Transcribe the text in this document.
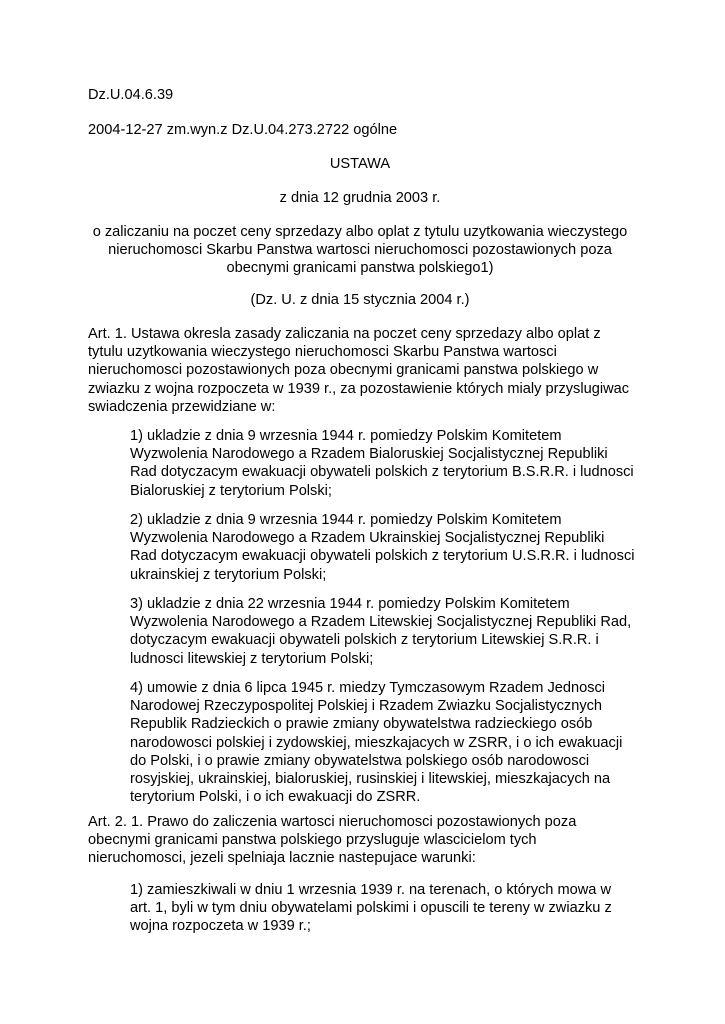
Dz.U.04.6.39
2004-12-27 zm.wyn.z Dz.U.04.273.2722 ogólne
USTAWA
z dnia 12 grudnia 2003 r.
o zaliczaniu na poczet ceny sprzedazy albo oplat z tytulu uzytkowania wieczystego nieruchomosci Skarbu Panstwa wartosci nieruchomosci pozostawionych poza obecnymi granicami panstwa polskiego1)
(Dz. U. z dnia 15 stycznia 2004 r.)
Art. 1. Ustawa okresla zasady zaliczania na poczet ceny sprzedazy albo oplat z tytulu uzytkowania wieczystego nieruchomosci Skarbu Panstwa wartosci nieruchomosci pozostawionych poza obecnymi granicami panstwa polskiego w zwiazku z wojna rozpoczeta w 1939 r., za pozostawienie których mialy przyslugiwac swiadczenia przewidziane w:
1) ukladzie z dnia 9 wrzesnia 1944 r. pomiedzy Polskim Komitetem Wyzwolenia Narodowego a Rzadem Bialoruskiej Socjalistycznej Republiki Rad dotyczacym ewakuacji obywateli polskich z terytorium B.S.R.R. i ludnosci Bialoruskiej z terytorium Polski;
2) ukladzie z dnia 9 wrzesnia 1944 r. pomiedzy Polskim Komitetem Wyzwolenia Narodowego a Rzadem Ukrainskiej Socjalistycznej Republiki Rad dotyczacym ewakuacji obywateli polskich z terytorium U.S.R.R. i ludnosci ukrainskiej z terytorium Polski;
3) ukladzie z dnia 22 wrzesnia 1944 r. pomiedzy Polskim Komitetem Wyzwolenia Narodowego a Rzadem Litewskiej Socjalistycznej Republiki Rad, dotyczacym ewakuacji obywateli polskich z terytorium Litewskiej S.R.R. i ludnosci litewskiej z terytorium Polski;
4) umowie z dnia 6 lipca 1945 r. miedzy Tymczasowym Rzadem Jednosci Narodowej Rzeczypospolitej Polskiej i Rzadem Zwiazku Socjalistycznych Republik Radzieckich o prawie zmiany obywatelstwa radzieckiego osób narodowosci polskiej i zydowskiej, mieszkajacych w ZSRR, i o ich ewakuacji do Polski, i o prawie zmiany obywatelstwa polskiego osób narodowosci rosyjskiej, ukrainskiej, bialoruskiej, rusinskiej i litewskiej, mieszkajacych na terytorium Polski, i o ich ewakuacji do ZSRR.
Art. 2. 1. Prawo do zaliczenia wartosci nieruchomosci pozostawionych poza obecnymi granicami panstwa polskiego przysluguje wlascicielom tych nieruchomosci, jezeli spelniaja lacznie nastepujace warunki:
1) zamieszkiwali w dniu 1 wrzesnia 1939 r. na terenach, o których mowa w art. 1, byli w tym dniu obywatelami polskimi i opuscili te tereny w zwiazku z wojna rozpoczeta w 1939 r.;
